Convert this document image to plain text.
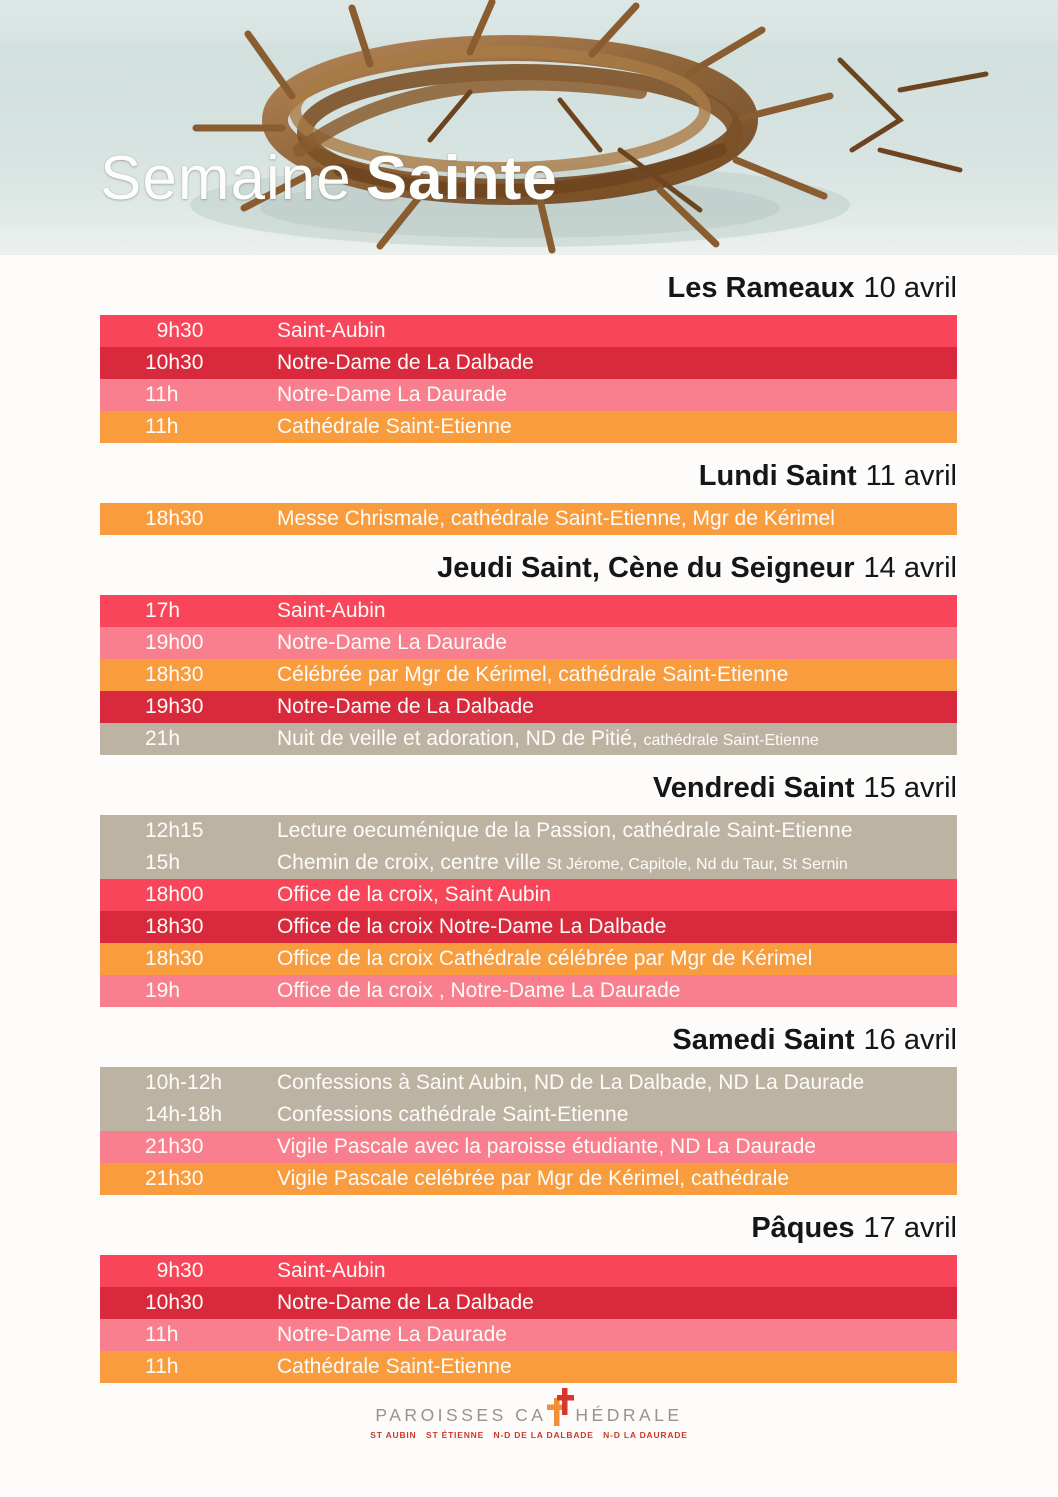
Semaine Sainte
Les Rameaux 10 avril
9h30	Saint-Aubin
10h30	Notre-Dame de La Dalbade
11h	Notre-Dame La Daurade
11h	Cathédrale Saint-Etienne
Lundi Saint 11 avril
18h30	Messe Chrismale, cathédrale Saint-Etienne, Mgr de Kérimel
Jeudi Saint, Cène du Seigneur 14 avril
17h	Saint-Aubin
19h00	Notre-Dame La Daurade
18h30	Célébrée par Mgr de Kérimel, cathédrale Saint-Etienne
19h30	Notre-Dame de La Dalbade
21h	Nuit de veille et adoration, ND de Pitié, cathédrale Saint-Etienne
Vendredi Saint 15 avril
12h15	Lecture oecuménique de la Passion, cathédrale Saint-Etienne
15h	Chemin de croix, centre ville St Jérome, Capitole, Nd du Taur, St Sernin
18h00	Office de la croix, Saint Aubin
18h30	Office de la croix Notre-Dame La Dalbade
18h30	Office de la croix Cathédrale célébrée par Mgr de Kérimel
19h	Office de la croix , Notre-Dame La Daurade
Samedi Saint 16 avril
10h-12h	Confessions à Saint Aubin, ND de La Dalbade, ND La Daurade
14h-18h	Confessions cathédrale Saint-Etienne
21h30	Vigile Pascale avec la paroisse étudiante, ND La Daurade
21h30	Vigile Pascale celébrée par Mgr de Kérimel, cathédrale
Pâques 17 avril
9h30	Saint-Aubin
10h30	Notre-Dame de La Dalbade
11h	Notre-Dame La Daurade
11h	Cathédrale Saint-Etienne
PAROISSES CA HÉDRALE
ST AUBIN   ST ÉTIENNE   N-D DE LA DALBADE   N-D LA DAURADE
